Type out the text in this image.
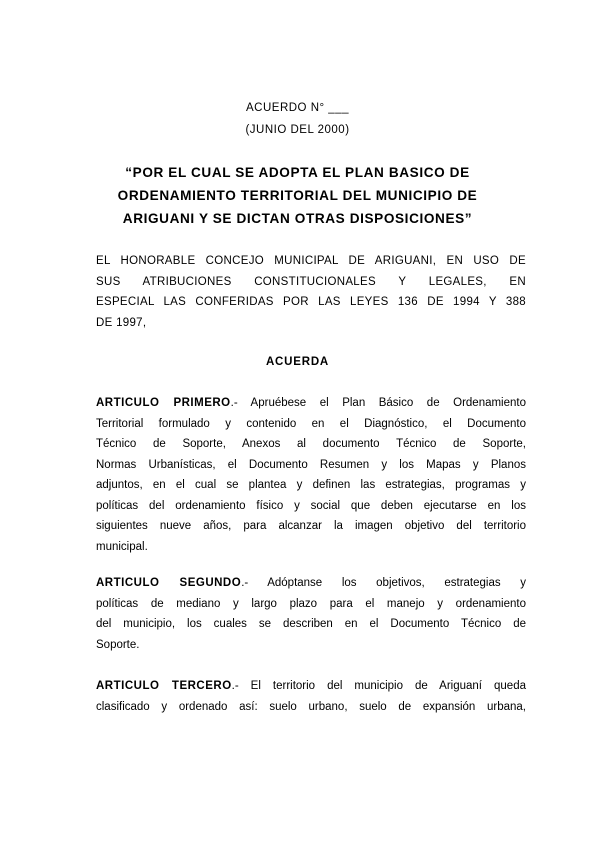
ACUERDO N° ___
(JUNIO DEL 2000)
“POR EL CUAL SE ADOPTA EL PLAN BASICO DE
ORDENAMIENTO TERRITORIAL DEL MUNICIPIO DE
ARIGUANI Y SE DICTAN OTRAS DISPOSICIONES”
EL HONORABLE CONCEJO MUNICIPAL DE ARIGUANI, EN USO DE
SUS ATRIBUCIONES CONSTITUCIONALES Y LEGALES, EN
ESPECIAL LAS CONFERIDAS POR LAS LEYES 136 DE 1994 Y 388
DE 1997,
ACUERDA
ARTICULO PRIMERO.- Apruébese el Plan Básico de Ordenamiento
Territorial formulado y contenido en el Diagnóstico, el Documento
Técnico de Soporte, Anexos al documento Técnico de Soporte,
Normas Urbanísticas, el Documento Resumen y los Mapas y Planos
adjuntos, en el cual se plantea y definen las estrategias, programas y
políticas del ordenamiento físico y social que deben ejecutarse en los
siguientes nueve años, para alcanzar la imagen objetivo del territorio
municipal.
ARTICULO SEGUNDO.- Adóptanse los objetivos, estrategias y
políticas de mediano y largo plazo para el manejo y ordenamiento
del municipio, los cuales se describen en el Documento Técnico de
Soporte.
ARTICULO TERCERO.- El territorio del municipio de Ariguaní queda
clasificado y ordenado así: suelo urbano, suelo de expansión urbana,
